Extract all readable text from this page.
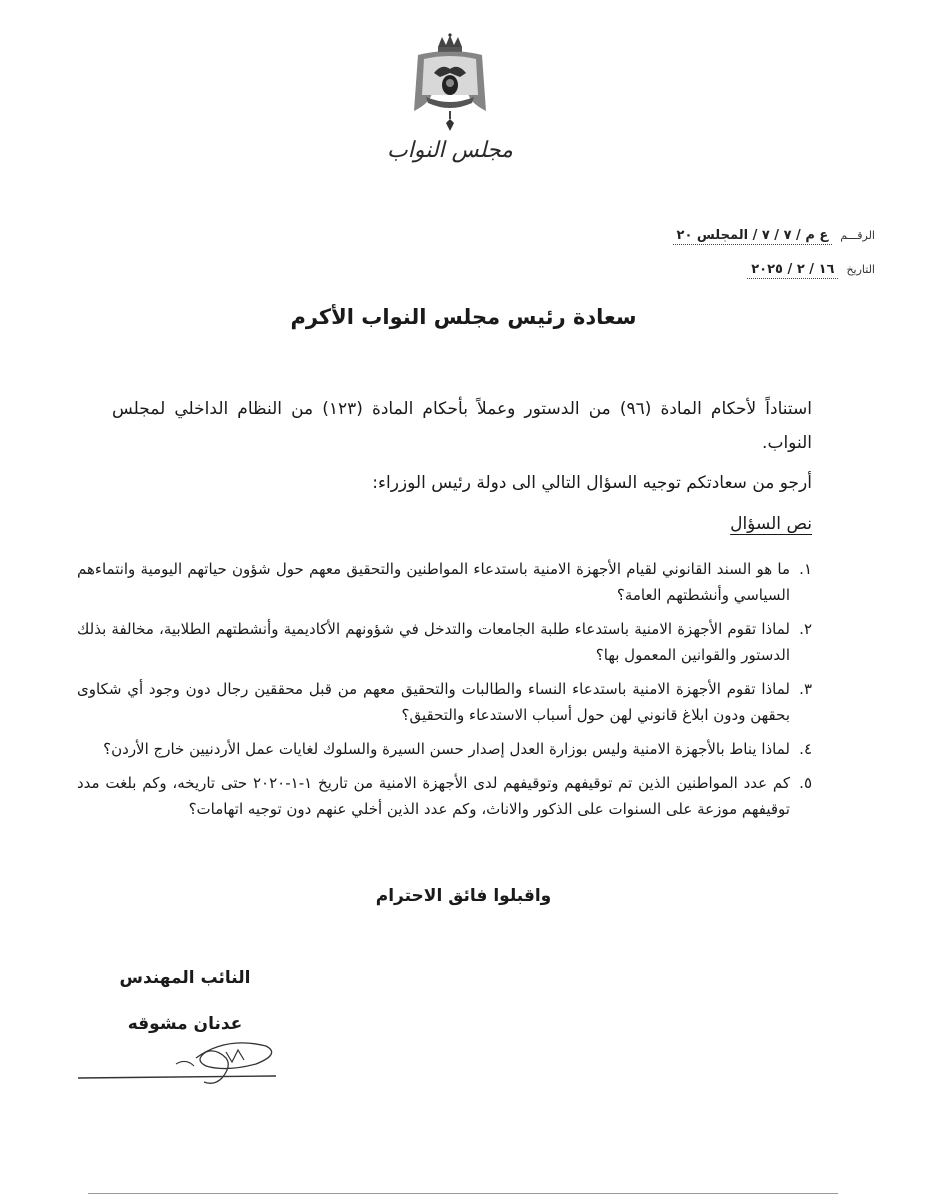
مجلس النواب
الرقـــم
ع م / ٧ / ٧ / المجلس ٢٠
التاريخ
١٦ / ٢ / ٢٠٢٥
سعادة رئيس مجلس النواب الأكرم
استناداً لأحكام المادة (٩٦) من الدستور وعملاً بأحكام المادة (١٢٣) من النظام الداخلي لمجلس النواب.
أرجو من سعادتكم توجيه السؤال التالي الى دولة رئيس الوزراء:
نص السؤال
١.
ما هو السند القانوني لقيام الأجهزة الامنية باستدعاء المواطنين والتحقيق معهم حول شؤون حياتهم اليومية وانتماءهم السياسي وأنشطتهم العامة؟
٢.
لماذا تقوم الأجهزة الامنية باستدعاء طلبة الجامعات والتدخل في شؤونهم الأكاديمية وأنشطتهم الطلابية، مخالفة بذلك الدستور والقوانين المعمول بها؟
٣.
لماذا تقوم الأجهزة الامنية باستدعاء النساء والطالبات والتحقيق معهم من قبل محققين رجال دون وجود أي شكاوى بحقهن ودون ابلاغ قانوني لهن حول أسباب الاستدعاء والتحقيق؟
٤.
لماذا يناط بالأجهزة الامنية وليس بوزارة العدل إصدار حسن السيرة والسلوك لغايات عمل الأردنيين خارج الأردن؟
٥.
كم عدد المواطنين الذين تم توقيفهم وتوقيفهم لدى الأجهزة الامنية من تاريخ ١-١-٢٠٢٠ حتى تاريخه، وكم بلغت مدد توقيفهم موزعة على السنوات على الذكور والاناث، وكم عدد الذين أخلي عنهم دون توجيه اتهامات؟
واقبلوا فائق الاحترام
النائب المهندس
عدنان مشوقه
